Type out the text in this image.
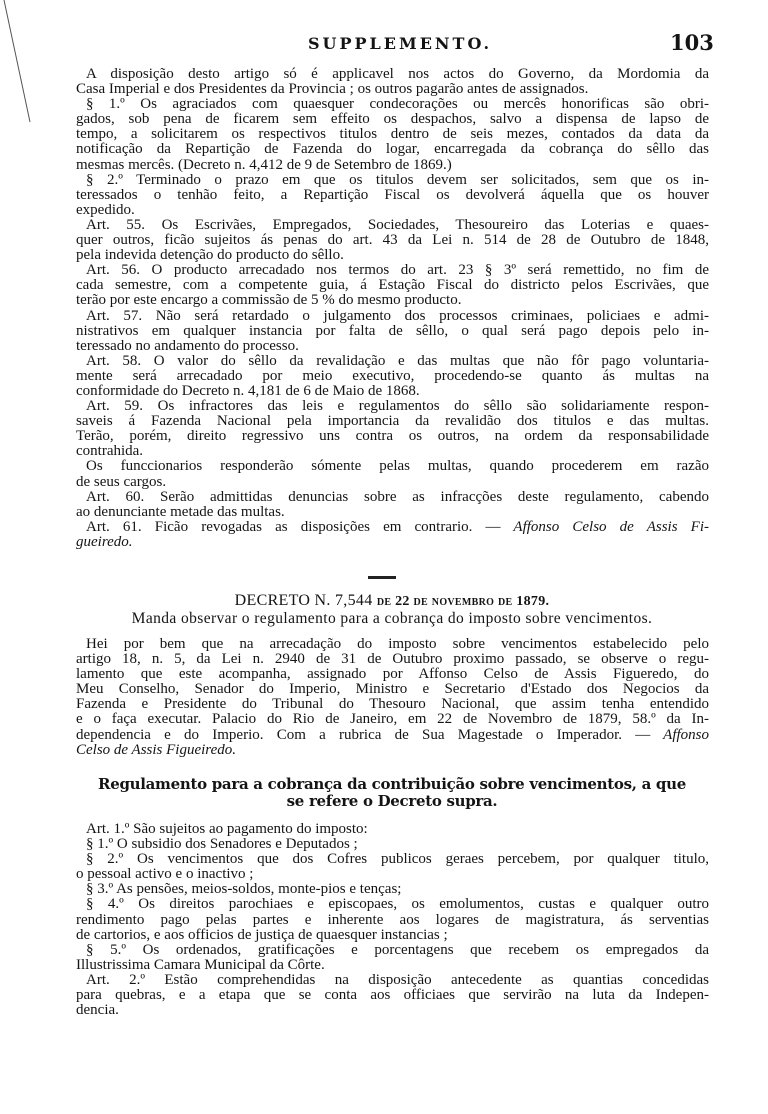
SUPPLEMENTO.	103
A disposição desto artigo só é applicavel nos actos do Governo, da Mordomia da
Casa Imperial e dos Presidentes da Provincia ; os outros pagarão antes de assignados.
§ 1.º Os agraciados com quaesquer condecorações ou mercês honorificas são obri-
gados, sob pena de ficarem sem effeito os despachos, salvo a dispensa de lapso de
tempo, a solicitarem os respectivos titulos dentro de seis mezes, contados da data da
notificação da Repartição de Fazenda do logar, encarregada da cobrança do sêllo das
mesmas mercês. (Decreto n. 4,412 de 9 de Setembro de 1869.)
§ 2.º Terminado o prazo em que os titulos devem ser solicitados, sem que os in-
teressados o tenhão feito, a Repartição Fiscal os devolverá áquella que os houver
expedido.
Art. 55. Os Escrivães, Empregados, Sociedades, Thesoureiro das Loterias e quaes-
quer outros, ficão sujeitos ás penas do art. 43 da Lei n. 514 de 28 de Outubro de 1848,
pela indevida detenção do producto do sêllo.
Art. 56. O producto arrecadado nos termos do art. 23 § 3º será remettido, no fim de
cada semestre, com a competente guia, á Estação Fiscal do districto pelos Escrivães, que
terão por este encargo a commissão de 5 % do mesmo producto.
Art. 57. Não será retardado o julgamento dos processos criminaes, policiaes e admi-
nistrativos em qualquer instancia por falta de sêllo, o qual será pago depois pelo in-
teressado no andamento do processo.
Art. 58. O valor do sêllo da revalidação e das multas que não fôr pago voluntaria-
mente será arrecadado por meio executivo, procedendo-se quanto ás multas na
conformidade do Decreto n. 4,181 de 6 de Maio de 1868.
Art. 59. Os infractores das leis e regulamentos do sêllo são solidariamente respon-
saveis á Fazenda Nacional pela importancia da revalidão dos titulos e das multas.
Terão, porém, direito regressivo uns contra os outros, na ordem da responsabilidade
contrahida.
Os funccionarios responderão sómente pelas multas, quando procederem em razão
de seus cargos.
Art. 60. Serão admittidas denuncias sobre as infracções deste regulamento, cabendo
ao denunciante metade das multas.
Art. 61. Ficão revogadas as disposições em contrario. — Affonso Celso de Assis Fi-
gueiredo.
DECRETO N. 7,544 de 22 de novembro de 1879.
Manda observar o regulamento para a cobrança do imposto sobre vencimentos.
Hei por bem que na arrecadação do imposto sobre vencimentos estabelecido pelo
artigo 18, n. 5, da Lei n. 2940 de 31 de Outubro proximo passado, se observe o regu-
lamento que este acompanha, assignado por Affonso Celso de Assis Figueredo, do
Meu Conselho, Senador do Imperio, Ministro e Secretario d'Estado dos Negocios da
Fazenda e Presidente do Tribunal do Thesouro Nacional, que assim tenha entendido
e o faça executar. Palacio do Rio de Janeiro, em 22 de Novembro de 1879, 58.º da In-
dependencia e do Imperio. Com a rubrica de Sua Magestade o Imperador. — Affonso
Celso de Assis Figueiredo.
Regulamento para a cobrança da contribuição sobre vencimentos, a que
se refere o Decreto supra.
Art. 1.º São sujeitos ao pagamento do imposto:
§ 1.º O subsidio dos Senadores e Deputados ;
§ 2.º Os vencimentos que dos Cofres publicos geraes percebem, por qualquer titulo,
o pessoal activo e o inactivo ;
§ 3.º As pensões, meios-soldos, monte-pios e tenças;
§ 4.º Os direitos parochiaes e episcopaes, os emolumentos, custas e qualquer outro
rendimento pago pelas partes e inherente aos logares de magistratura, ás serventias
de cartorios, e aos officios de justiça de quaesquer instancias ;
§ 5.º Os ordenados, gratificações e porcentagens que recebem os empregados da
Illustrissima Camara Municipal da Côrte.
Art. 2.º Estão comprehendidas na disposição antecedente as quantias concedidas
para quebras, e a etapa que se conta aos officiaes que servirão na luta da Indepen-
dencia.
